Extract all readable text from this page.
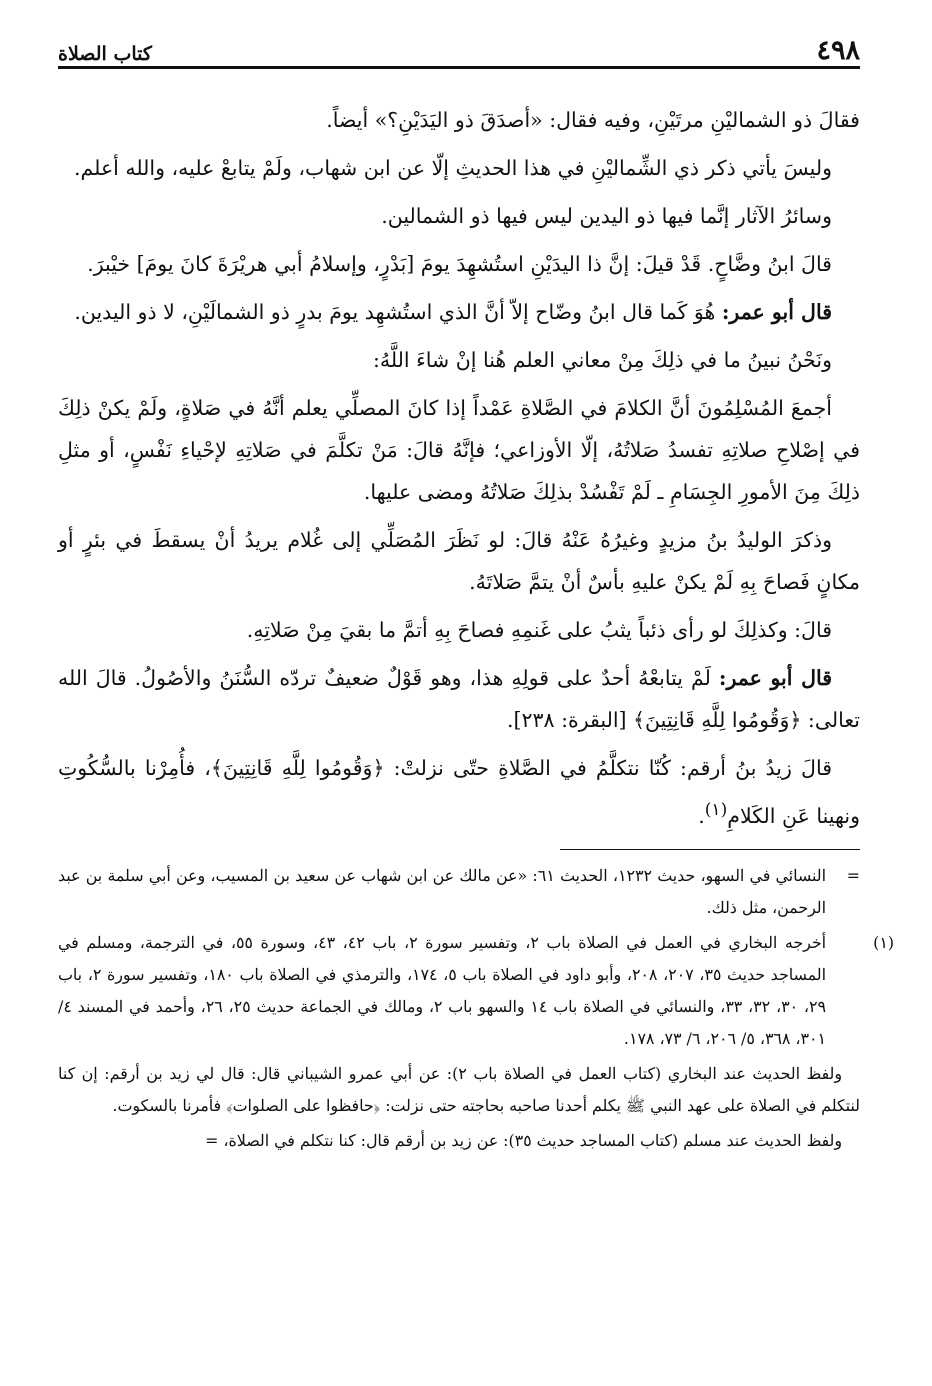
٤٩٨
كتاب الصلاة

فقالَ ذو الشماليْنِ مرتَيْنِ، وفيه فقال: «أصدَقَ ذو اليَدَيْنِ؟» أيضاً.

وليسَ يأتي ذكر ذي الشِّماليْنِ في هذا الحديثِ إلّا عن ابن شهاب، ولَمْ يتابعْ عليه، والله أعلم.

وسائرُ الآثار إنَّما فيها ذو اليدين ليس فيها ذو الشمالين.

قالَ ابنُ وضَّاحٍ. قَدْ قيلَ: إنَّ ذا اليدَيْنِ استُشهِدَ يومَ [بَدْرٍ، وإسلامُ أبي هريْرَةَ كانَ يومَ] خيْبرَ.

قال أبو عمر: هُوَ كَما قال ابنُ وضّاح إلاّ أنَّ الذي استُشهِد يومَ بدرٍ ذو الشمالَيْنِ، لا ذو اليدين.

ونَحْنُ نبينُ ما في ذلِكَ مِنْ معاني العلم هُنا إنْ شاءَ اللَّهُ:

أجمعَ المُسْلِمُونَ أنَّ الكلامَ في الصَّلاةِ عَمْداً إذا كانَ المصلِّي يعلم أنَّهُ في صَلاةٍ، ولَمْ يكنْ ذلِكَ في إصْلاحِ صلاتِهِ تفسدُ صَلاتُهُ، إلّا الأوزاعي؛ فإنَّهُ قالَ: مَنْ تكلَّمَ في صَلاتِهِ لإحْياءِ نَفْسٍ، أو مثلِ ذلِكَ مِنَ الأمورِ الجِسَامِ ـ لَمْ تَفْسُدْ بذلِكَ صَلاتُهُ ومضى عليها.

وذكرَ الوليدُ بنُ مزيدٍ وغيرُهُ عَنْهُ قالَ: لو نَظَرَ المُصَلِّي إلى غُلام يريدُ أنْ يسقطَ في بئرٍ أو مكانٍ فَصاحَ بِهِ لَمْ يكنْ عليهِ بأسٌ أنْ يتمَّ صَلاتَهُ.

قالَ: وكذلِكَ لو رأى ذئباً يثبُ على غَنمِهِ فصاحَ بِهِ أتمَّ ما بقيَ مِنْ صَلاتِهِ.

قال أبو عمر: لَمْ يتابعْهُ أحدٌ على قولِهِ هذا، وهو قَوْلٌ ضعيفٌ تردّه السُّنَنُ والأصُولُ. قالَ الله تعالى: ﴿وَقُومُوا لِلَّهِ قَانِتِينَ﴾ [البقرة: ٢٣٨].

قالَ زيدُ بنُ أرقم: كُنّا نتكلَّمُ في الصَّلاةِ حتّى نزلتْ: ﴿وَقُومُوا لِلَّهِ قَانِتِينَ﴾، فأُمِرْنا بالسُّكُوتِ ونهينا عَنِ الكَلامِ$^{(١)}$.

= النسائي في السهو، حديث ١٢٣٢، الحديث ٦١: «عن مالك عن ابن شهاب عن سعيد بن المسيب، وعن أبي سلمة بن عبد الرحمن، مثل ذلك.

(١)أخرجه البخاري في العمل في الصلاة باب ٢، وتفسير سورة ٢، باب ٤٢، ٤٣، وسورة ٥٥، في الترجمة، ومسلم في المساجد حديث ٣٥، ٢٠٧، ٢٠٨، وأبو داود في الصلاة باب ٥، ١٧٤، والترمذي في الصلاة باب ١٨٠، وتفسير سورة ٢، باب ٢٩، ٣٠، ٣٢، ٣٣، والنسائي في الصلاة باب ١٤ والسهو باب ٢، ومالك في الجماعة حديث ٢٥، ٢٦، وأحمد في المسند ٤/ ٣٠١، ٣٦٨، ٥/ ٢٠٦، ٦/ ٧٣، ١٧٨.

ولفظ الحديث عند البخاري (كتاب العمل في الصلاة باب ٢): عن أبي عمرو الشيباني قال: قال لي زيد بن أرقم: إن كنا لنتكلم في الصلاة على عهد النبي ﷺ يكلم أحدنا صاحبه بحاجته حتى نزلت: ﴿حافظوا على الصلوات﴾ فأمرنا بالسكوت.

ولفظ الحديث عند مسلم (كتاب المساجد حديث ٣٥): عن زيد بن أرقم قال: كنا نتكلم في الصلاة، =
